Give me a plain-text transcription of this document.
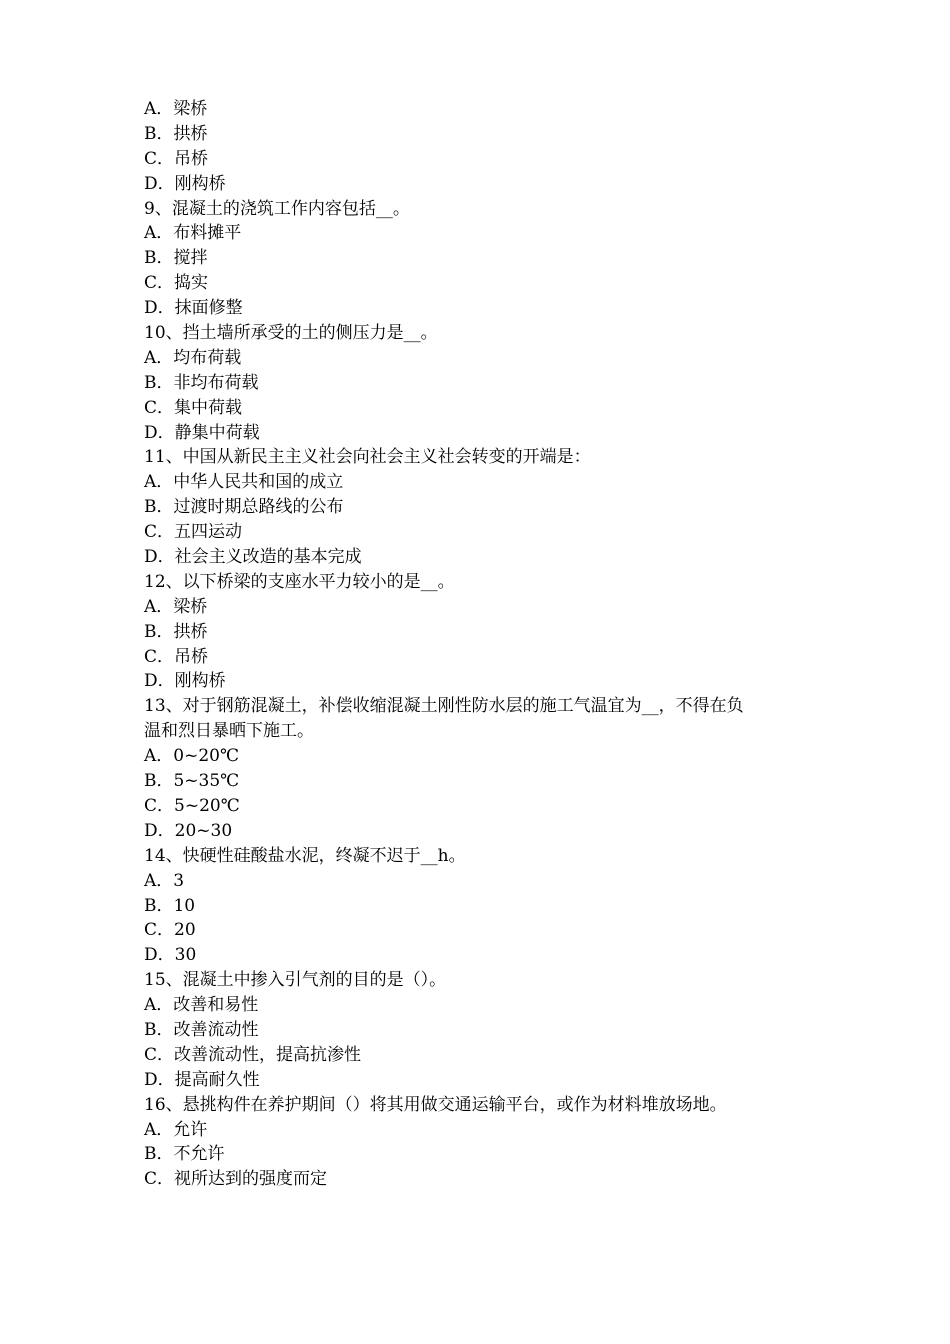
A．梁桥
B．拱桥
C．吊桥
D．刚构桥
9、混凝土的浇筑工作内容包括__。
A．布料摊平
B．搅拌
C．捣实
D．抹面修整
10、挡土墙所承受的土的侧压力是__。
A．均布荷载
B．非均布荷载
C．集中荷载
D．静集中荷载
11、中国从新民主主义社会向社会主义社会转变的开端是：
A．中华人民共和国的成立
B．过渡时期总路线的公布
C．五四运动
D．社会主义改造的基本完成
12、以下桥梁的支座水平力较小的是__。
A．梁桥
B．拱桥
C．吊桥
D．刚构桥
13、对于钢筋混凝土，补偿收缩混凝土刚性防水层的施工气温宜为__，不得在负
温和烈日暴晒下施工。
A．0~20℃
B．5~35℃
C．5~20℃
D．20~30
14、快硬性硅酸盐水泥，终凝不迟于__h。
A．3
B．10
C．20
D．30
15、混凝土中掺入引气剂的目的是（）。
A．改善和易性
B．改善流动性
C．改善流动性，提高抗渗性
D．提高耐久性
16、悬挑构件在养护期间（）将其用做交通运输平台，或作为材料堆放场地。
A．允许
B．不允许
C．视所达到的强度而定
